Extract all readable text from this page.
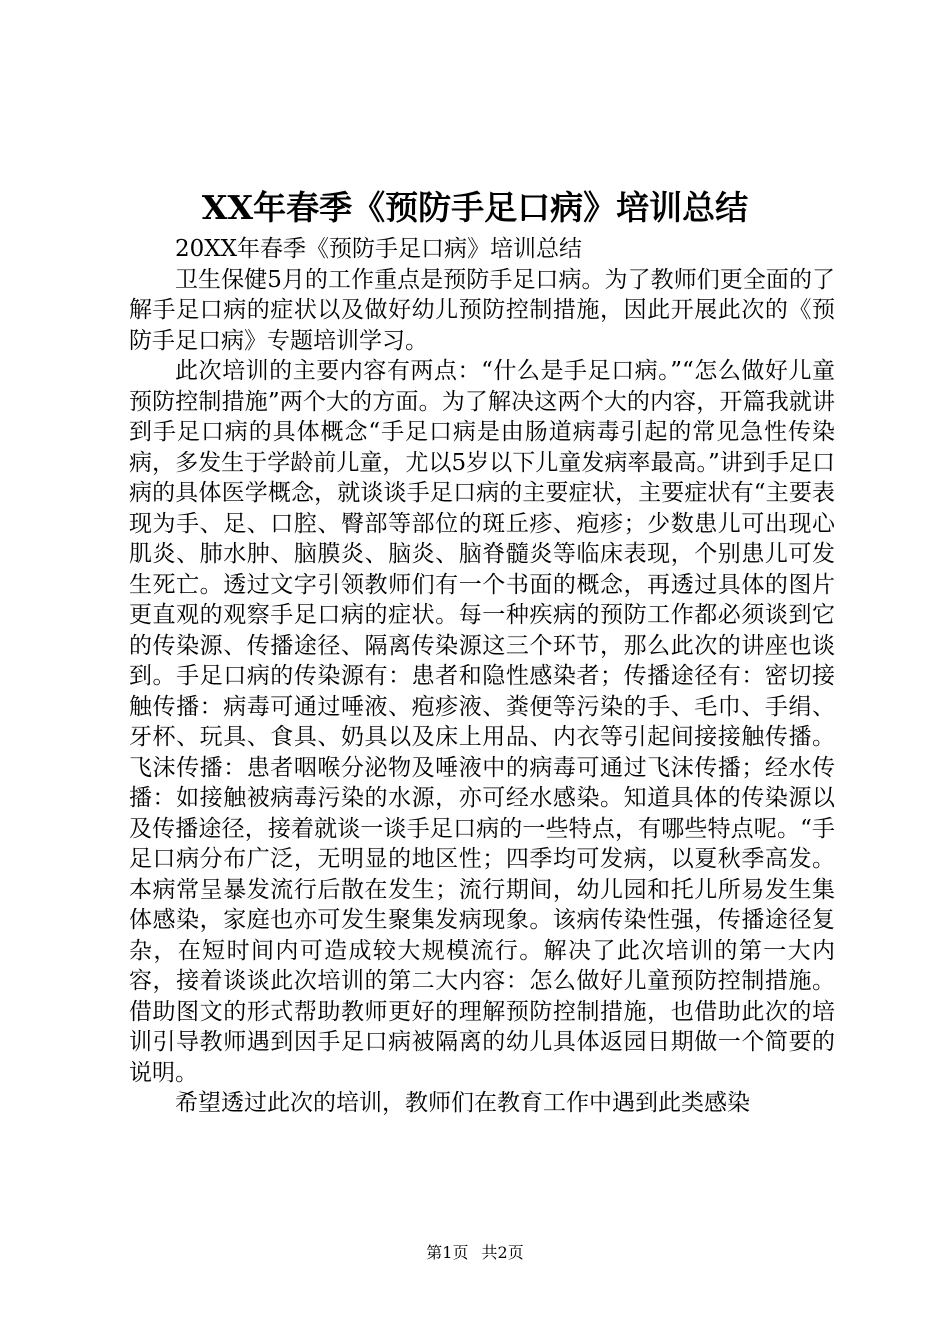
XX年春季《预防手足口病》培训总结

20XX年春季《预防手足口病》培训总结

卫生保健5月的工作重点是预防手足口病。为了教师们更全面的了解手足口病的症状以及做好幼儿预防控制措施，因此开展此次的《预防手足口病》专题培训学习。

此次培训的主要内容有两点：“什么是手足口病。”“怎么做好儿童预防控制措施”两个大的方面。为了解决这两个大的内容，开篇我就讲到手足口病的具体概念“手足口病是由肠道病毒引起的常见急性传染病，多发生于学龄前儿童，尤以5岁以下儿童发病率最高。”讲到手足口病的具体医学概念，就谈谈手足口病的主要症状，主要症状有“主要表现为手、足、口腔、臀部等部位的斑丘疹、疱疹；少数患儿可出现心肌炎、肺水肿、脑膜炎、脑炎、脑脊髓炎等临床表现，个别患儿可发生死亡。透过文字引领教师们有一个书面的概念，再透过具体的图片更直观的观察手足口病的症状。每一种疾病的预防工作都必须谈到它的传染源、传播途径、隔离传染源这三个环节，那么此次的讲座也谈到。手足口病的传染源有：患者和隐性感染者；传播途径有：密切接触传播：病毒可通过唾液、疱疹液、粪便等污染的手、毛巾、手绢、牙杯、玩具、食具、奶具以及床上用品、内衣等引起间接接触传播。飞沫传播：患者咽喉分泌物及唾液中的病毒可通过飞沫传播；经水传播：如接触被病毒污染的水源，亦可经水感染。知道具体的传染源以及传播途径，接着就谈一谈手足口病的一些特点，有哪些特点呢。“手足口病分布广泛，无明显的地区性；四季均可发病，以夏秋季高发。本病常呈暴发流行后散在发生；流行期间，幼儿园和托儿所易发生集体感染，家庭也亦可发生聚集发病现象。该病传染性强，传播途径复杂，在短时间内可造成较大规模流行。解决了此次培训的第一大内容，接着谈谈此次培训的第二大内容：怎么做好儿童预防控制措施。借助图文的形式帮助教师更好的理解预防控制措施，也借助此次的培训引导教师遇到因手足口病被隔离的幼儿具体返园日期做一个简要的说明。

希望透过此次的培训，教师们在教育工作中遇到此类感染

第1页 共2页
